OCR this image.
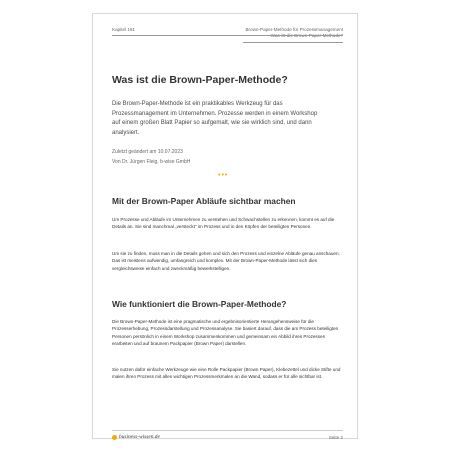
Kapitel 191	Brown-Paper-Methode für Prozessmanagement
Was ist die Brown-Paper-Methode?
Was ist die Brown-Paper-Methode?
Die Brown-Paper-Methode ist ein praktikables Werkzeug für das Prozessmanagement im Unternehmen. Prozesse werden in einem Workshop auf einem großen Blatt Papier so aufgemalt, wie sie wirklich sind, und dann analysiert.
Zuletzt geändert am 10.07.2023
Von Dr. Jürgen Fleig, b-wise GmbH
•••
Mit der Brown-Paper Abläufe sichtbar machen
Um Prozesse und Abläufe im Unternehmen zu verstehen und Schwachstellen zu erkennen, kommt es auf die Details an. Sie sind manchmal „versteckt" im Prozess und in den Köpfen der beteiligten Personen.
Um sie zu finden, muss man in die Details gehen und sich den Prozess und einzelne Abläufe genau anschauen. Das ist meistens aufwendig, umfangreich und komplex. Mit der Brown-Paper-Methode lässt sich dies vergleichsweise einfach und zweckmäßig bewerkstelligen.
Wie funktioniert die Brown-Paper-Methode?
Die Brown-Paper-Methode ist eine pragmatische und ergebnisorientierte Herangehensweise für die Prozesserhebung, Prozessdarstellung und Prozessanalyse. Sie basiert darauf, dass die am Prozess beteiligten Personen persönlich in einem Workshop zusammenkommen und gemeinsam ein Abbild ihres Prozesses erarbeiten und auf braunem Packpapier (Brown Paper) darstellen.
Sie nutzen dafür einfache Werkzeuge wie eine Rolle Packpapier (Brown Paper), Klebezettel und dicke Stifte und malen ihren Prozess mit allen wichtigen Prozessmerkmalen an die Wand, sodass er für alle sichtbar ist.
business-wissen.de	Seite 2
